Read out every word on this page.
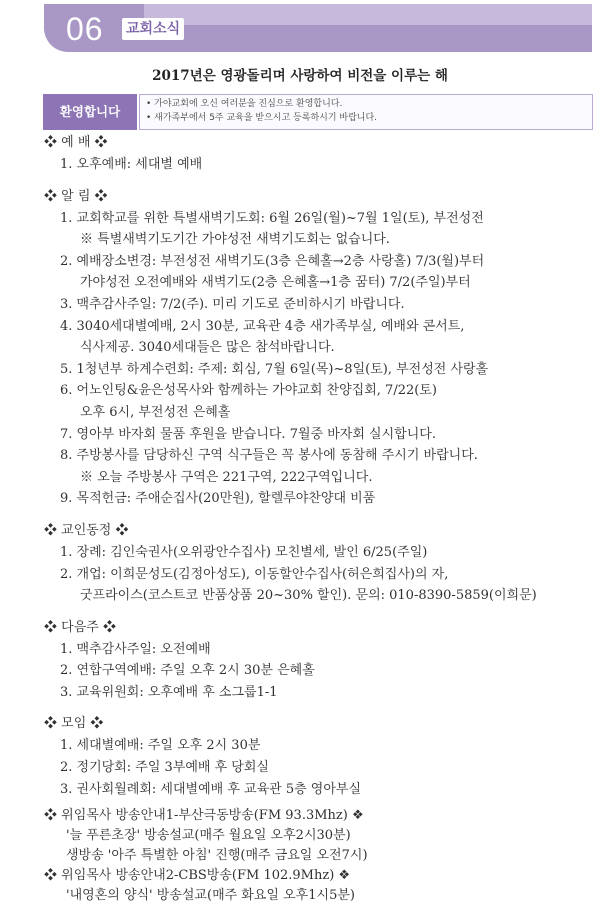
06 교회소식
2017년은 영광돌리며 사랑하여 비전을 이루는 해
환영합니다	• 가야교회에 오신 여러분을 진심으로 환영합니다.
• 새가족부에서 5주 교육을 받으시고 등록하시기 바랍니다.
❖ 예 배 ❖
1. 오후예배: 세대별 예배
❖ 알 림 ❖
1. 교회학교를 위한 특별새벽기도회: 6월 26일(월)~7월 1일(토), 부전성전
※ 특별새벽기도기간 가야성전 새벽기도회는 없습니다.
2. 예배장소변경: 부전성전 새벽기도(3층 은혜홀→2층 사랑홀) 7/3(월)부터
가야성전 오전예배와 새벽기도(2층 은혜홀→1층 꿈터) 7/2(주일)부터
3. 맥추감사주일: 7/2(주). 미리 기도로 준비하시기 바랍니다.
4. 3040세대별예배, 2시 30분, 교육관 4층 새가족부실, 예배와 콘서트,
식사제공. 3040세대들은 많은 참석바랍니다.
5. 1청년부 하계수련회: 주제: 회심, 7월 6일(목)~8일(토), 부전성전 사랑홀
6. 어노인팅&윤은성목사와 함께하는 가야교회 찬양집회, 7/22(토)
오후 6시, 부전성전 은혜홀
7. 영아부 바자회 물품 후원을 받습니다. 7월중 바자회 실시합니다.
8. 주방봉사를 담당하신 구역 식구들은 꼭 봉사에 동참해 주시기 바랍니다.
※ 오늘 주방봉사 구역은 221구역, 222구역입니다.
9. 목적헌금: 주애순집사(20만원), 할렐루야찬양대 비품
❖ 교인동정 ❖
1. 장례: 김인숙권사(오위광안수집사) 모친별세, 발인 6/25(주일)
2. 개업: 이희문성도(김정아성도), 이동할안수집사(허은희집사)의 자,
굿프라이스(코스트코 반품상품 20~30% 할인). 문의: 010-8390-5859(이희문)
❖ 다음주 ❖
1. 맥추감사주일: 오전예배
2. 연합구역예배: 주일 오후 2시 30분 은혜홀
3. 교육위원회: 오후예배 후 소그룹1-1
❖ 모임 ❖
1. 세대별예배: 주일 오후 2시 30분
2. 정기당회: 주일 3부예배 후 당회실
3. 권사회월례회: 세대별예배 후 교육관 5층 영아부실
❖ 위임목사 방송안내1-부산극동방송(FM 93.3Mhz) ❖
'늘 푸른초장' 방송설교(매주 월요일 오후2시30분)
생방송 '아주 특별한 아침' 진행(매주 금요일 오전7시)
❖ 위임목사 방송안내2-CBS방송(FM 102.9Mhz) ❖
'내영혼의 양식' 방송설교(매주 화요일 오후1시5분)
